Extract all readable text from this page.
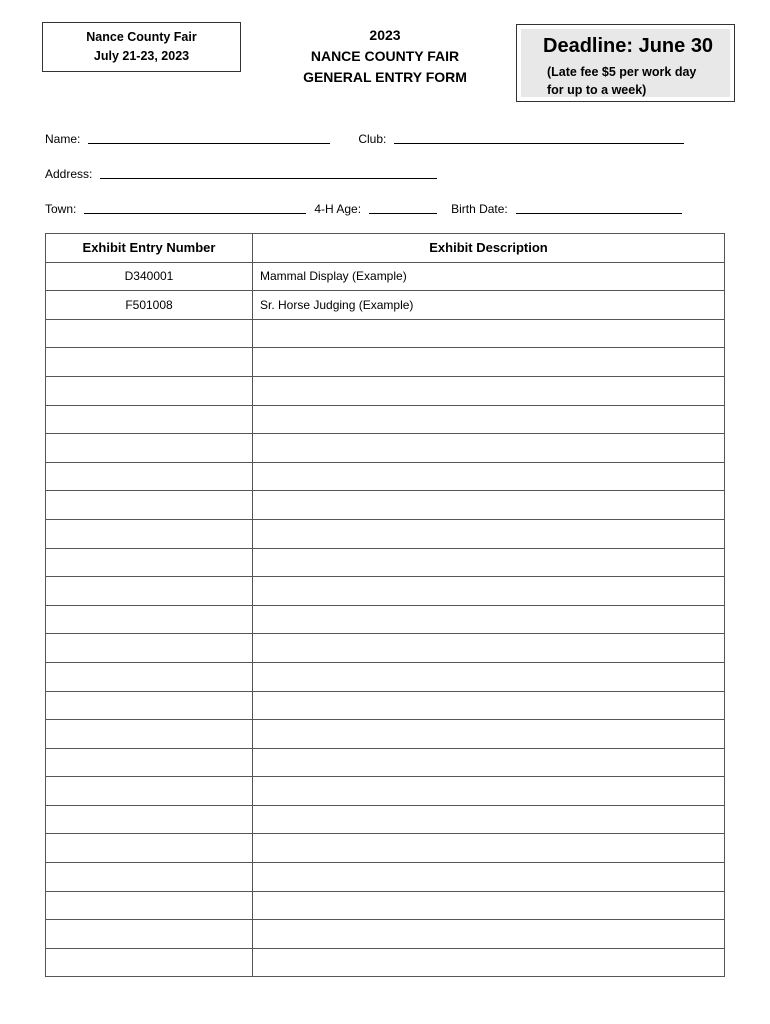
Nance County Fair
July 21-23, 2023
2023
NANCE COUNTY FAIR
GENERAL ENTRY FORM
Deadline: June 30
(Late fee $5 per work day
for up to a week)
Name:	Club:
Address:
Town:	4-H Age:	Birth Date:
Exhibit Entry Number	Exhibit Description
D340001	Mammal Display (Example)
F501008	Sr. Horse Judging (Example)
